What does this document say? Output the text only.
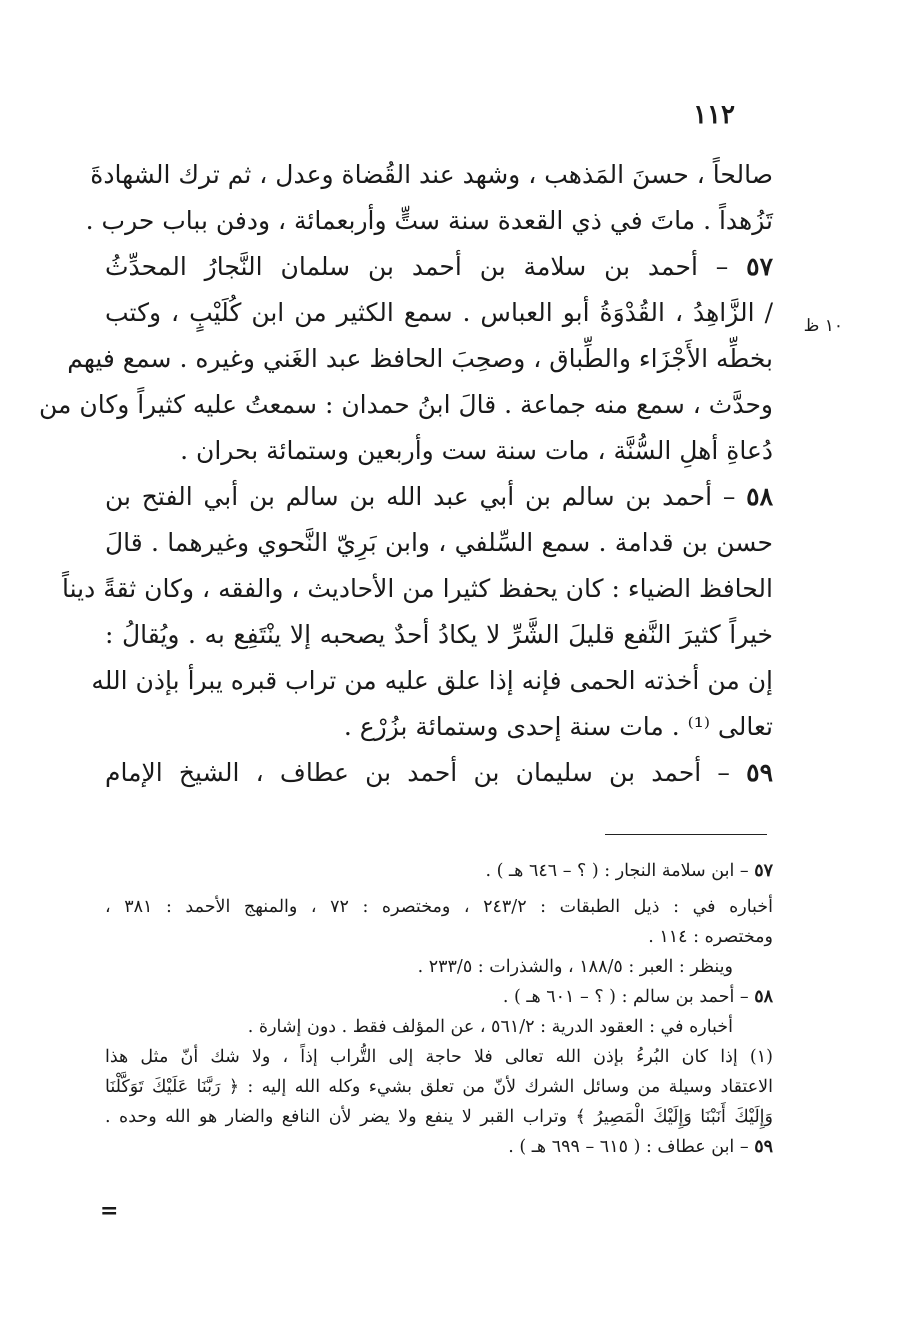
١١٢
١٠ ظ
صالحاً ، حسنَ المَذهب ، وشهد عند القُضاة وعدل ، ثم ترك الشهادةَ
تَزُهداً . ماتَ في ذي القعدة سنة ستٍّ وأربعمائة ، ودفن بباب حرب .
٥٧ – أحمد بن سلامة بن أحمد بن سلمان النَّجارُ المحدِّثُ
/ الزَّاهِدُ ، القُدْوَةُ أبو العباس . سمع الكثير من ابن كُلَيْبٍ ، وكتب
بخطِّه الأَجْزَاء والطِّباق ، وصحِبَ الحافظ عبد الغَني وغيره . سمع فيهم
وحدَّث ، سمع منه جماعة . قالَ ابنُ حمدان : سمعتُ عليه كثيراً وكان من
دُعاةِ أهلِ السُّنَّة ، مات سنة ست وأربعين وستمائة بحران .
٥٨ – أحمد بن سالم بن أبي عبد الله بن سالم بن أبي الفتح بن
حسن بن قدامة . سمع السِّلفي ، وابن بَرِيّ النَّحوي وغيرهما . قالَ
الحافظ الضياء : كان يحفظ كثيرا من الأحاديث ، والفقه ، وكان ثقةً ديناً
خيراً كثيرَ النَّفع قليلَ الشَّرِّ لا يكادُ أحدٌ يصحبه إلا ينْتَفِع به . ويُقالُ :
إن من أخذته الحمى فإنه إذا علق عليه من تراب قبره يبرأ بإذن الله
تعالى ⁽¹⁾ . مات سنة إحدى وستمائة بزُرْع .
٥٩ – أحمد بن سليمان بن أحمد بن عطاف ، الشيخ الإمام
٥٧ – ابن سلامة النجار : ( ؟ – ٦٤٦ هـ ) .
أخباره في : ذيل الطبقات : ٢٤٣/٢ ، ومختصره : ٧٢ ، والمنهج الأحمد : ٣٨١ ،
ومختصره : ١١٤ .
وينظر : العبر : ١٨٨/٥ ، والشذرات : ٢٣٣/٥ .
٥٨ – أحمد بن سالم : ( ؟ – ٦٠١ هـ ) .
أخباره في : العقود الدرية : ٥٦١/٢ ، عن المؤلف فقط . دون إشارة .
(١) إذا كان البُرءُ بإذن الله تعالى فلا حاجة إلى التُّراب إذاً ، ولا شك أنّ مثل هذا
الاعتقاد وسيلة من وسائل الشرك لأنّ من تعلق بشيء وكله الله إليه : ﴿ رَبَّنَا عَلَيْكَ تَوَكَّلْنَا
وَإِلَيْكَ أَنَبْنَا وَإِلَيْكَ الْمَصِيرُ ﴾ وتراب القبر لا ينفع ولا يضر لأن النافع والضار هو الله وحده .
٥٩ – ابن عطاف : ( ٦١٥ – ٦٩٩ هـ ) .
=
